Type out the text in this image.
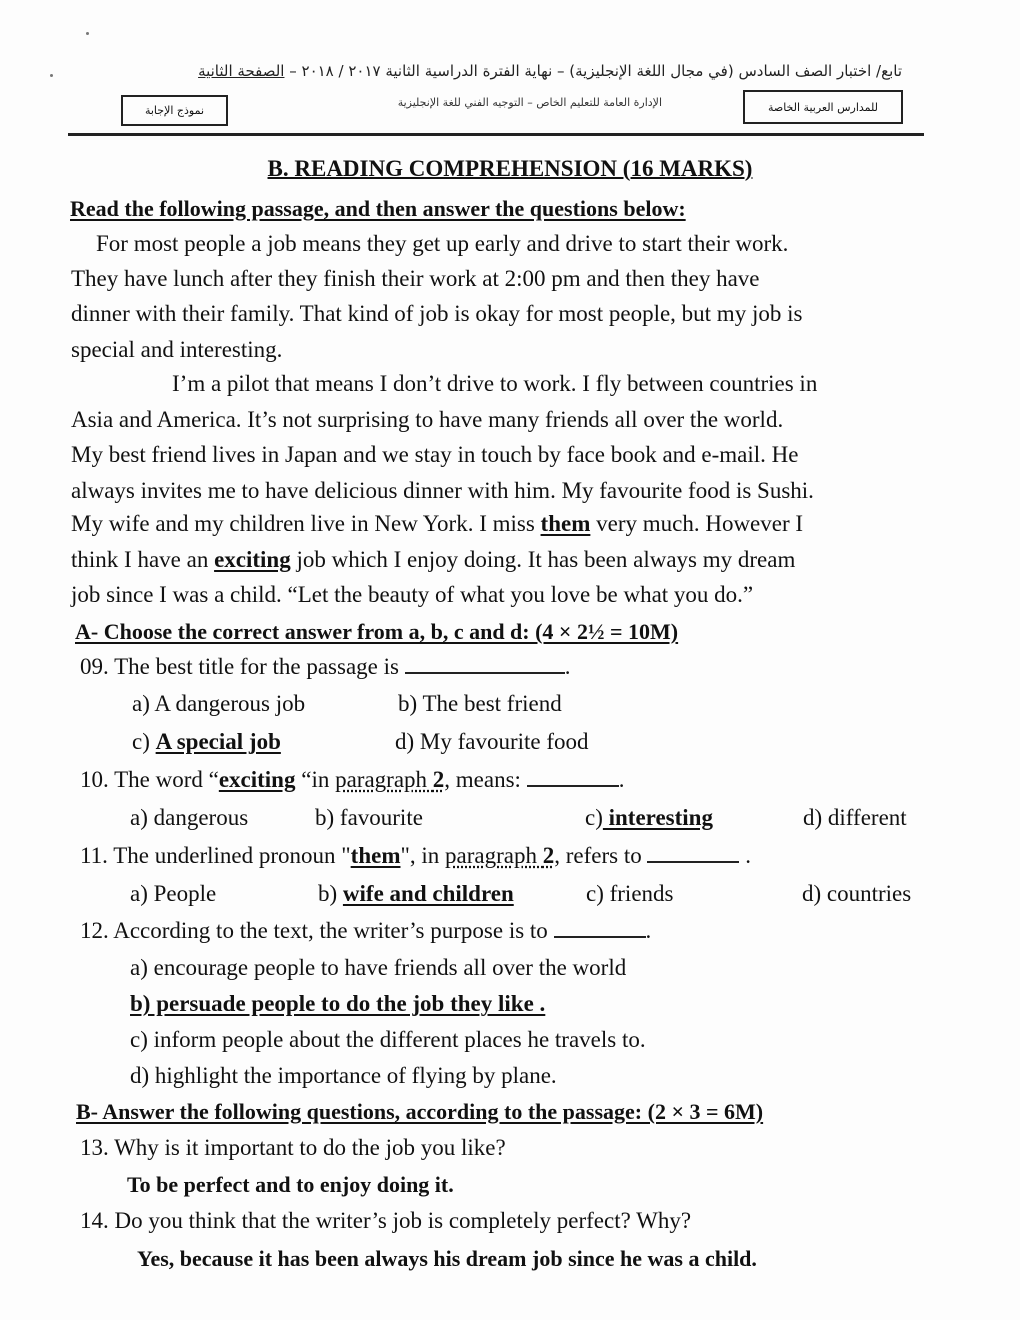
تابع/ اختبار الصف السادس (في مجال اللغة الإنجليزية) – نهاية الفترة الدراسية الثانية ٢٠١٧ / ٢٠١٨ – الصفحة الثانية
الإدارة العامة للتعليم الخاص – التوجيه الفني للغة الإنجليزية	للمدارس العربية الخاصة
نموذج الإجابة
B. READING COMPREHENSION (16 MARKS)
Read the following passage, and then answer the questions below:
For most people a job means they get up early and drive to start their work.
They have lunch after they finish their work at 2:00 pm and then they have
dinner with their family. That kind of job is okay for most people, but my job is
special and interesting.
I’m a pilot that means I don’t drive to work. I fly between countries in
Asia and America. It’s not surprising to have many friends all over the world.
My best friend lives in Japan and we stay in touch by face book and e-mail. He
always invites me to have delicious dinner with him. My favourite food is Sushi.
My wife and my children live in New York. I miss them very much. However I
think I have an exciting job which I enjoy doing. It has been always my dream
job since I was a child. “Let the beauty of what you love be what you do.”
A- Choose the correct answer from a, b, c and d: (4 × 2½ = 10M)
09. The best title for the passage is	.
a) A dangerous job	b) The best friend
c) A special job	d) My favourite food
10. The word “exciting “in paragraph 2, means:	.
a) dangerous	b) favourite	c) interesting	d) different
11. The underlined pronoun "them", in paragraph 2, refers to	.
a) People	b) wife and children	c) friends	d) countries
12. According to the text, the writer’s purpose is to	.
a) encourage people to have friends all over the world
b) persuade people to do the job they like .
c) inform people about the different places he travels to.
d) highlight the importance of flying by plane.
B- Answer the following questions, according to the passage: (2 × 3 = 6M)
13. Why is it important to do the job you like?
To be perfect and to enjoy doing it.
14. Do you think that the writer’s job is completely perfect? Why?
Yes, because it has been always his dream job since he was a child.
